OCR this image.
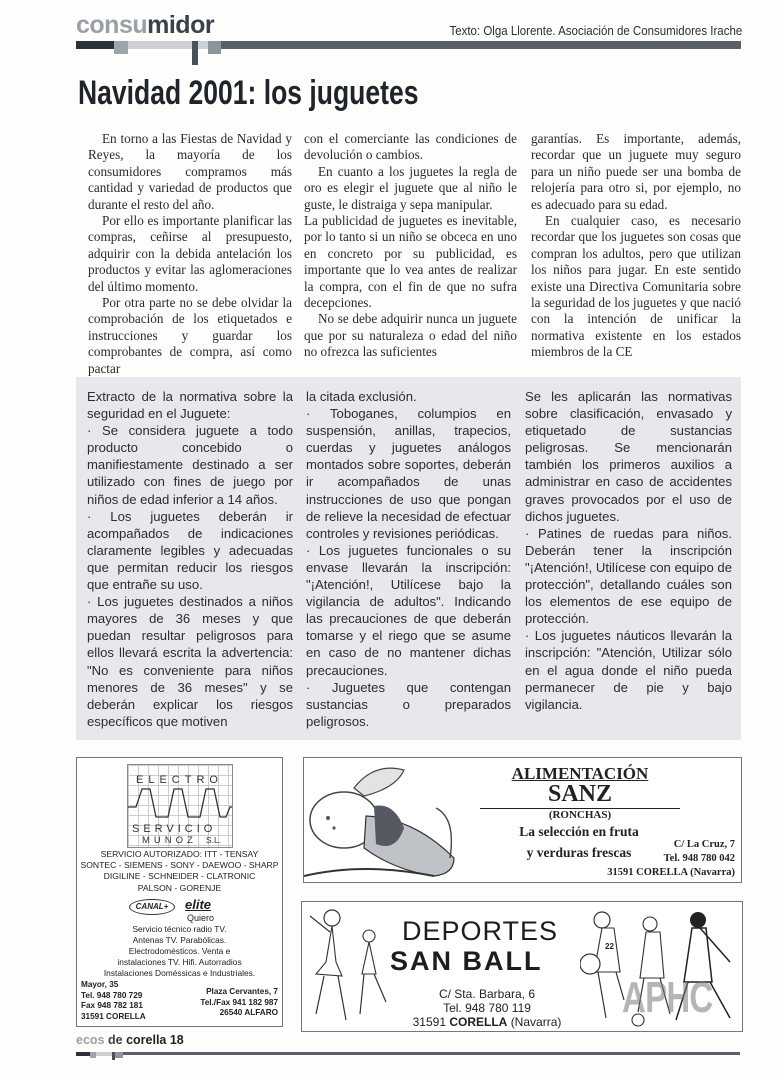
consumidor	Texto: Olga Llorente. Asociación de Consumidores Irache
Navidad 2001: los juguetes

En torno a las Fiestas de Navidad y Reyes, la mayoría de los consumidores compramos más cantidad y variedad de productos que durante el resto del año.

Por ello es importante planificar las compras, ceñirse al presupuesto, adquirir con la debida antelación los productos y evitar las aglomeraciones del último momento.

Por otra parte no se debe olvidar la comprobación de los etiquetados e instrucciones y guardar los comprobantes de compra, así como pactar

con el comerciante las condiciones de devolución o cambios.

En cuanto a los juguetes la regla de oro es elegir el juguete que al niño le guste, le distraiga y sepa manipular.

La publicidad de juguetes es inevitable, por lo tanto si un niño se obceca en uno en concreto por su publicidad, es importante que lo vea antes de realizar la compra, con el fin de que no sufra decepciones.

No se debe adquirir nunca un juguete que por su naturaleza o edad del niño no ofrezca las suficientes

garantías. Es importante, además, recordar que un juguete muy seguro para un niño puede ser una bomba de relojería para otro si, por ejemplo, no es adecuado para su edad.

En cualquier caso, es necesario recordar que los juguetes son cosas que compran los adultos, pero que utilizan los niños para jugar. En este sentido existe una Directiva Comunitaria sobre la seguridad de los juguetes y que nació con la intención de unificar la normativa existente en los estados miembros de la CE

Extracto de la normativa sobre la seguridad en el Juguete:

· Se considera juguete a todo producto concebido o manifiestamente destinado a ser utilizado con fines de juego por niños de edad inferior a 14 años.

· Los juguetes deberán ir acompañados de indicaciones claramente legibles y adecuadas que permitan reducir los riesgos que entrañe su uso.

· Los juguetes destinados a niños mayores de 36 meses y que puedan resultar peligrosos para ellos llevará escrita la advertencia: "No es conveniente para niños menores de 36 meses" y se deberán explicar los riesgos específicos que motiven

la citada exclusión.

· Toboganes, columpios en suspensión, anillas, trapecios, cuerdas y juguetes análogos montados sobre soportes, deberán ir acompañados de unas instrucciones de uso que pongan de relieve la necesidad de efectuar controles y revisiones periódicas.

· Los juguetes funcionales o su envase llevarán la inscripción: "¡Atención!, Utilícese bajo la vigilancia de adultos". Indicando las precauciones de que deberán tomarse y el riego que se asume en caso de no mantener dichas precauciones.

· Juguetes que contengan sustancias o preparados peligrosos.

Se les aplicarán las normativas sobre clasificación, envasado y etiquetado de sustancias peligrosas. Se mencionarán también los primeros auxilios a administrar en caso de accidentes graves provocados por el uso de dichos juguetes.

· Patines de ruedas para niños. Deberán tener la inscripción "¡Atención!, Utilícese con equipo de protección", detallando cuáles son los elementos de ese equipo de protección.

· Los juguetes náuticos llevarán la inscripción: "Atención, Utilizar sólo en el agua donde el niño pueda permanecer de pie y bajo vigilancia.

ELECTRO
SERVICIO
MUNOZ S.L.
SERVICIO AUTORIZADO: ITT - TENSAY
SONTEC - SIEMENS - SONY - DAEWOO - SHARP
DIGILINE - SCHNEIDER - CLATRONIC
PALSON - GORENJE
CANAL+	elite
Quiero
Servicio técnico radio TV.
Antenas TV. Parabólicas.
Electrodomésticos. Venta e
instalaciones TV. Hifi. Autorradios
Instalaciones Doméssicas e Industriales.
Mayor, 35
Tel. 948 780 729
Fax 948 782 181
31591 CORELLA
Plaza Cervantes, 7
Tel./Fax 941 182 987
26540 ALFARO
ALIMENTACIÓN
SANZ
(RONCHAS)
La selección en fruta
y verduras frescas
C/ La Cruz, 7
Tel. 948 780 042
31591 CORELLA (Navarra)
DEPORTES
SAN BALL
C/ Sta. Barbara, 6
Tel. 948 780 119
31591 CORELLA (Navarra)
22
APHC
ecos de corella 18
